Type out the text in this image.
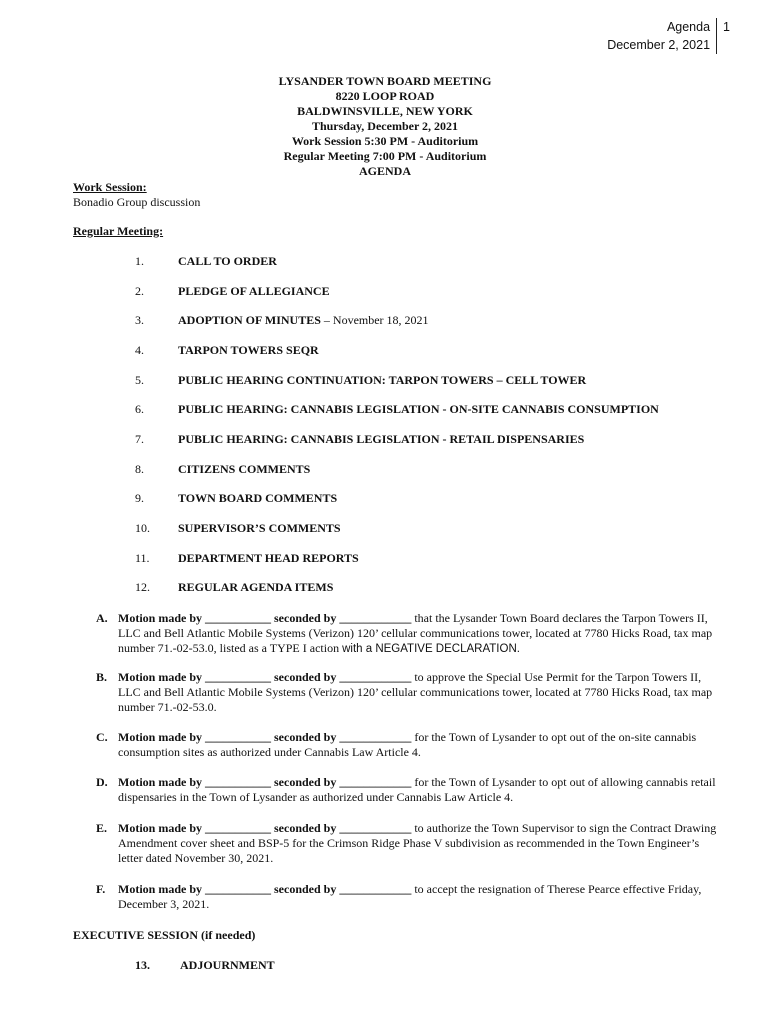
Agenda
December 2, 2021
1
LYSANDER TOWN BOARD MEETING
8220 LOOP ROAD
BALDWINSVILLE, NEW YORK
Thursday, December 2, 2021
Work Session 5:30 PM - Auditorium
Regular Meeting 7:00 PM - Auditorium
AGENDA
Work Session:
Bonadio Group discussion
Regular Meeting:
1.	CALL TO ORDER
2.	PLEDGE OF ALLEGIANCE
3.	ADOPTION OF MINUTES – November 18, 2021
4.	TARPON TOWERS SEQR
5.	PUBLIC HEARING CONTINUATION: TARPON TOWERS – CELL TOWER
6.	PUBLIC HEARING: CANNABIS LEGISLATION - ON-SITE CANNABIS CONSUMPTION
7.	PUBLIC HEARING: CANNABIS LEGISLATION - RETAIL DISPENSARIES
8.	CITIZENS COMMENTS
9.	TOWN BOARD COMMENTS
10. SUPERVISOR’S COMMENTS
11. DEPARTMENT HEAD REPORTS
12. REGULAR AGENDA ITEMS
A. Motion made by ___________ seconded by ____________ that the Lysander Town Board declares the Tarpon Towers II, LLC and Bell Atlantic Mobile Systems (Verizon) 120’ cellular communications tower, located at 7780 Hicks Road, tax map number 71.-02-53.0, listed as a TYPE I action with a NEGATIVE DECLARATION.
B. Motion made by ___________ seconded by ____________ to approve the Special Use Permit for the Tarpon Towers II, LLC and Bell Atlantic Mobile Systems (Verizon) 120’ cellular communications tower, located at 7780 Hicks Road, tax map number 71.-02-53.0.
C. Motion made by ___________ seconded by ____________ for the Town of Lysander to opt out of the on-site cannabis consumption sites as authorized under Cannabis Law Article 4.
D. Motion made by ___________ seconded by ____________ for the Town of Lysander to opt out of allowing cannabis retail dispensaries in the Town of Lysander as authorized under Cannabis Law Article 4.
E. Motion made by ___________ seconded by ____________ to authorize the Town Supervisor to sign the Contract Drawing Amendment cover sheet and BSP-5 for the Crimson Ridge Phase V subdivision as recommended in the Town Engineer’s letter dated November 30, 2021.
F.	Motion made by ___________ seconded by ____________ to accept the resignation of Therese Pearce effective Friday, December 3, 2021.
EXECUTIVE SESSION (if needed)
13.	ADJOURNMENT
